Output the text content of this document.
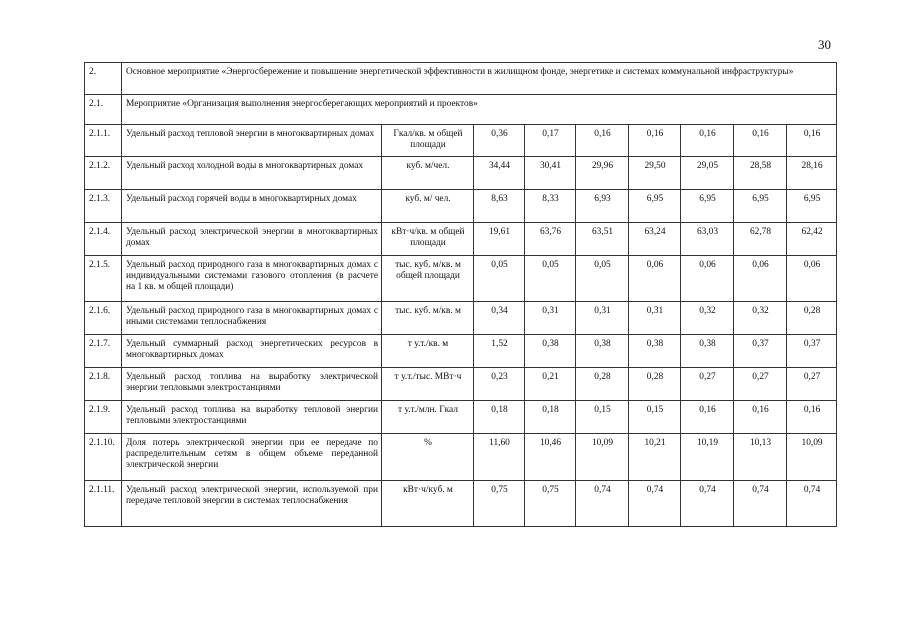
30
2.	Основное мероприятие «Энергосбережение и повышение энергетической эффективности в жилищном фонде, энергетике и системах коммунальной инфраструктуры»								
2.1.	Мероприятие «Организация выполнения энергосберегающих мероприятий и проектов»								
2.1.1.	Удельный расход тепловой энергии в многоквартирных домах	Гкал/кв. м общей площади	0,36	0,17	0,16	0,16	0,16	0,16	0,16
2.1.2.	Удельный расход холодной воды в многоквартирных домах	куб. м/чел.	34,44	30,41	29,96	29,50	29,05	28,58	28,16
2.1.3.	Удельный расход горячей воды в многоквартирных домах	куб. м/ чел.	8,63	8,33	6,93	6,95	6,95	6,95	6,95
2.1.4.	Удельный расход электрической энергии в многоквартирных домах	кВт·ч/кв. м общей площади	19,61	63,76	63,51	63,24	63,03	62,78	62,42
2.1.5.	Удельный расход природного газа в многоквартирных домах с индивидуальными системами газового отопления (в расчете на 1 кв. м общей площади)	тыс. куб. м/кв. м общей площади	0,05	0,05	0,05	0,06	0,06	0,06	0,06
2.1.6.	Удельный расход природного газа в многоквартирных домах с иными системами теплоснабжения	тыс. куб. м/кв. м	0,34	0,31	0,31	0,31	0,32	0,32	0,28
2.1.7.	Удельный суммарный расход энергетических ресурсов в многоквартирных домах	т у.т./кв. м	1,52	0,38	0,38	0,38	0,38	0,37	0,37
2.1.8.	Удельный расход топлива на выработку электрической энергии тепловыми электростанциями	т у.т./тыс. МВт·ч	0,23	0,21	0,28	0,28	0,27	0,27	0,27
2.1.9.	Удельный расход топлива на выработку тепловой энергии тепловыми электростанциями	т у.т./млн. Гкал	0,18	0,18	0,15	0,15	0,16	0,16	0,16
2.1.10.	Доля потерь электрической энергии при ее передаче по распределительным сетям в общем объеме переданной электрической энергии	%	11,60	10,46	10,09	10,21	10,19	10,13	10,09
2.1.11.	Удельный расход электрической энергии, используемой при передаче тепловой энергии в системах теплоснабжения	кВт·ч/куб. м	0,75	0,75	0,74	0,74	0,74	0,74	0,74
